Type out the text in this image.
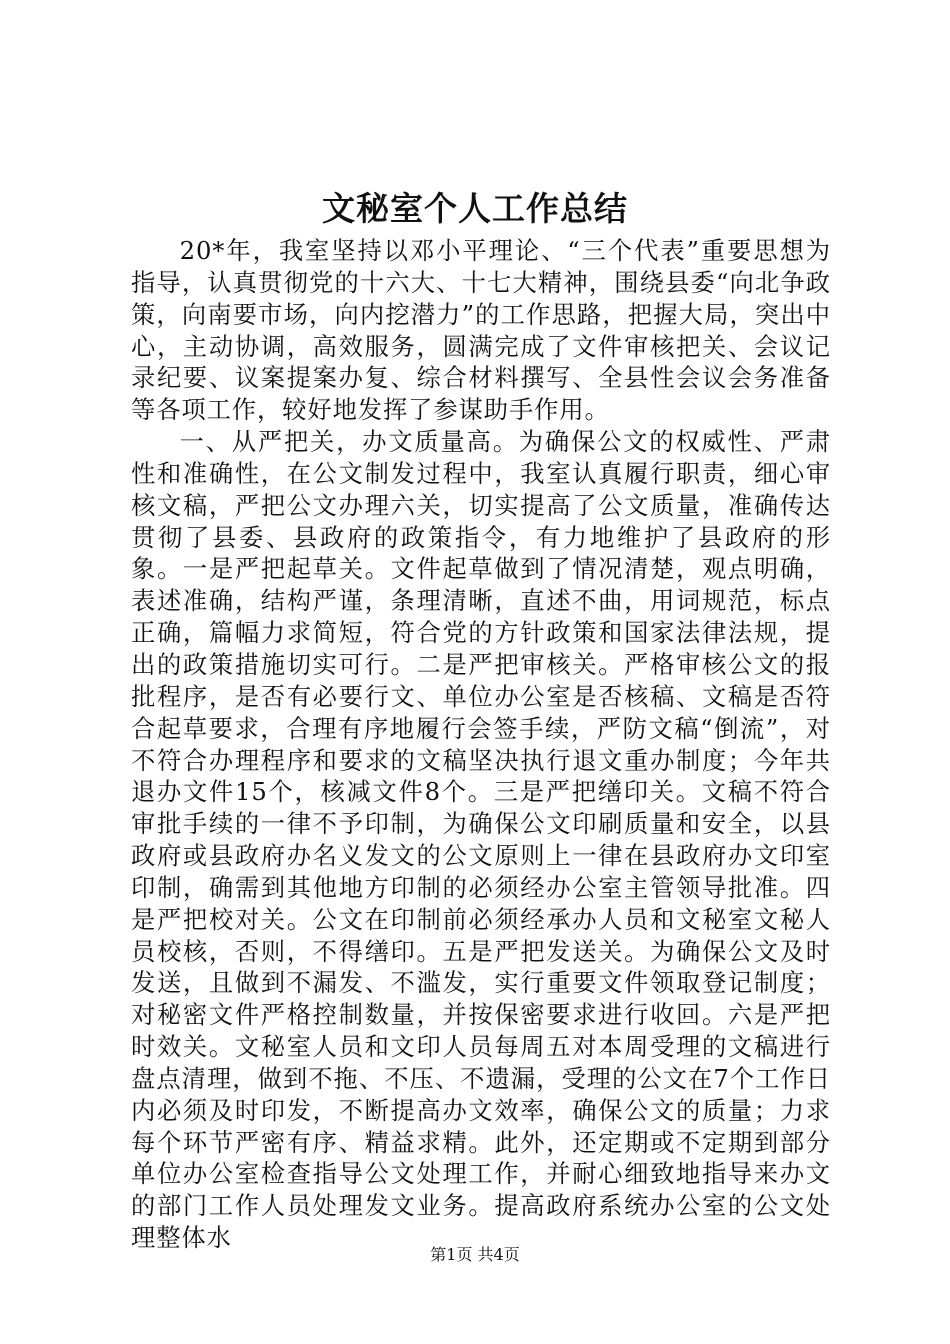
文秘室个人工作总结

20*年，我室坚持以邓小平理论、“三个代表”重要思想为指导，认真贯彻党的十六大、十七大精神，围绕县委“向北争政策，向南要市场，向内挖潜力”的工作思路，把握大局，突出中心，主动协调，高效服务，圆满完成了文件审核把关、会议记录纪要、议案提案办复、综合材料撰写、全县性会议会务准备等各项工作，较好地发挥了参谋助手作用。

一、从严把关，办文质量高。为确保公文的权威性、严肃性和准确性，在公文制发过程中，我室认真履行职责，细心审核文稿，严把公文办理六关，切实提高了公文质量，准确传达贯彻了县委、县政府的政策指令，有力地维护了县政府的形象。一是严把起草关。文件起草做到了情况清楚，观点明确，表述准确，结构严谨，条理清晰，直述不曲，用词规范，标点正确，篇幅力求简短，符合党的方针政策和国家法律法规，提出的政策措施切实可行。二是严把审核关。严格审核公文的报批程序，是否有必要行文、单位办公室是否核稿、文稿是否符合起草要求，合理有序地履行会签手续，严防文稿“倒流”，对不符合办理程序和要求的文稿坚决执行退文重办制度；今年共退办文件15个，核减文件8个。三是严把缮印关。文稿不符合审批手续的一律不予印制，为确保公文印刷质量和安全，以县政府或县政府办名义发文的公文原则上一律在县政府办文印室印制，确需到其他地方印制的必须经办公室主管领导批准。四是严把校对关。公文在印制前必须经承办人员和文秘室文秘人员校核，否则，不得缮印。五是严把发送关。为确保公文及时发送，且做到不漏发、不滥发，实行重要文件领取登记制度；对秘密文件严格控制数量，并按保密要求进行收回。六是严把时效关。文秘室人员和文印人员每周五对本周受理的文稿进行盘点清理，做到不拖、不压、不遗漏，受理的公文在7个工作日内必须及时印发，不断提高办文效率，确保公文的质量；力求每个环节严密有序、精益求精。此外，还定期或不定期到部分单位办公室检查指导公文处理工作，并耐心细致地指导来办文的部门工作人员处理发文业务。提高政府系统办公室的公文处理整体水

第1页 共4页
